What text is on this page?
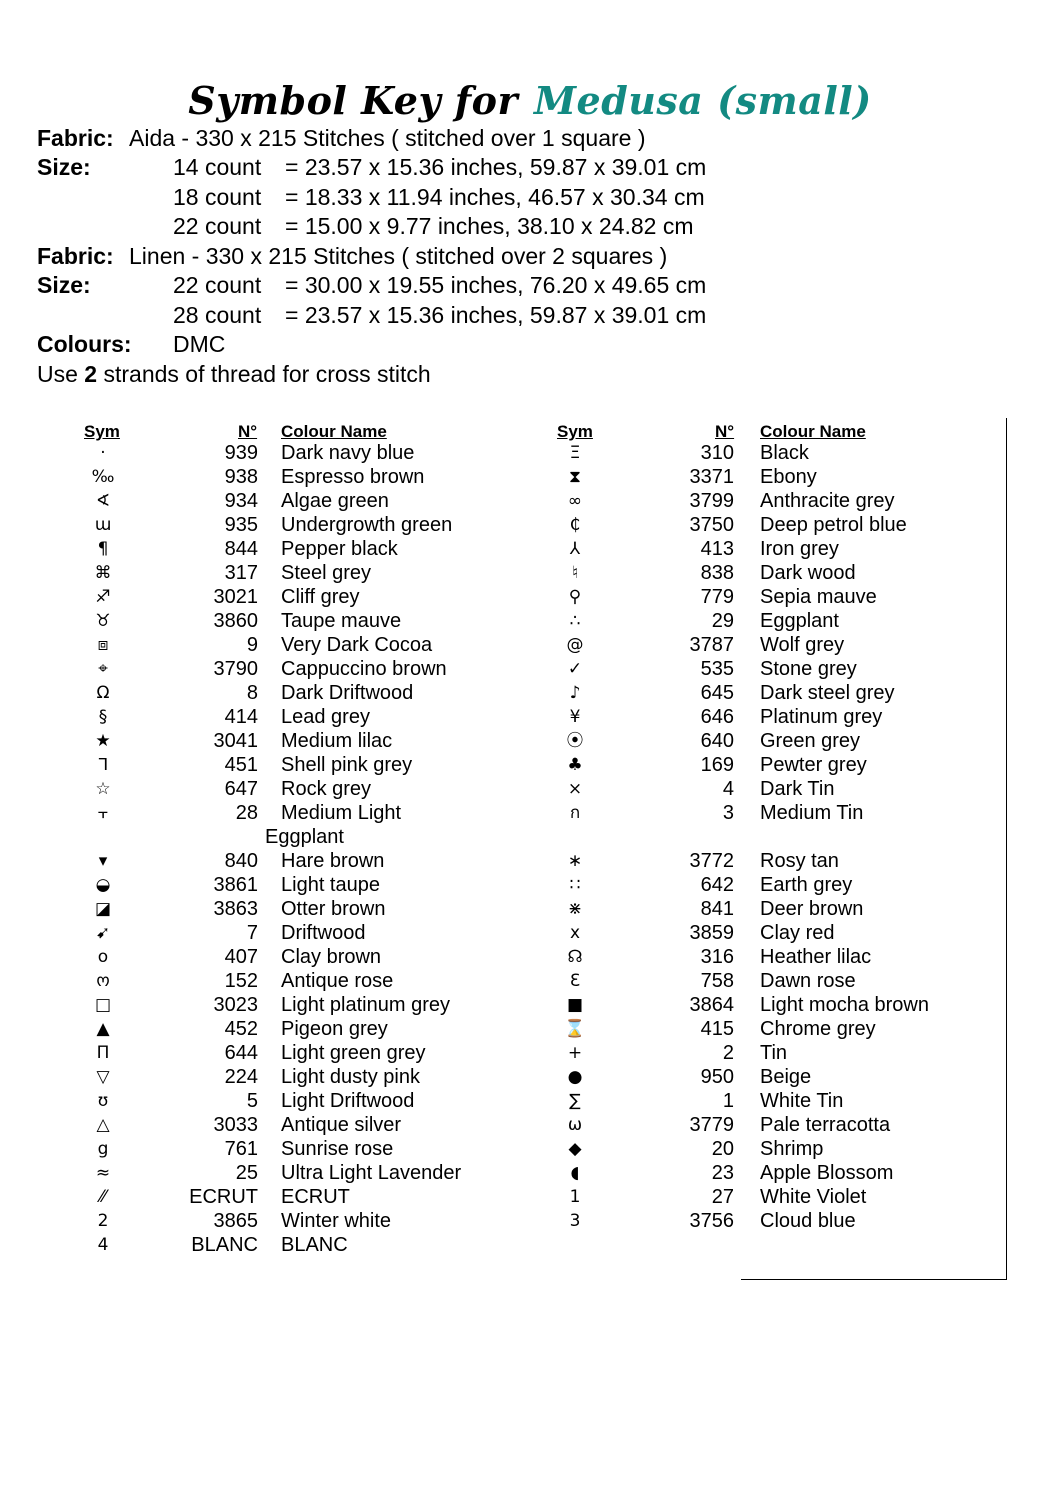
Symbol Key for Medusa (small)
Fabric: Aida - 330 x 215 Stitches ( stitched over 1 square )
Size:	14 count = 23.57 x 15.36 inches, 59.87 x 39.01 cm
18 count = 18.33 x 11.94 inches, 46.57 x 30.34 cm
22 count = 15.00 x 9.77 inches, 38.10 x 24.82 cm
Fabric: Linen - 330 x 215 Stitches ( stitched over 2 squares )
Size:	22 count = 30.00 x 19.55 inches, 76.20 x 49.65 cm
28 count = 23.57 x 15.36 inches, 59.87 x 39.01 cm
Colours: DMC
Use 2 strands of thread for cross stitch
Sym	N° Colour Name	Sym	N° Colour Name
·	939 Dark navy blue
‰	938 Espresso brown
∢	934 Algae green
ɯ	935 Undergrowth green
¶	844 Pepper black
⌘	317 Steel grey
♐	3021 Cliff grey
♉	3860 Taupe mauve
⧈	9 Very Dark Cocoa
⌖	3790 Cappuccino brown
Ω	8 Dark Driftwood
§	414 Lead grey
★	3041 Medium lilac
ᒣ	451 Shell pink grey
☆	647 Rock grey
⫟	28	Medium Light Eggplant
▾	840 Hare brown
◒	3861 Light taupe
◪	3863 Otter brown
➹	7 Driftwood
o	407 Clay brown
ო	152 Antique rose
□	3023 Light platinum grey
▲	452 Pigeon grey
Π	644 Light green grey
▽	224 Light dusty pink
ʊ	5 Light Driftwood
△	3033 Antique silver
g	761 Sunrise rose
≈	25 Ultra Light Lavender
⁄⁄	ECRUT ECRUT
2	3865 Winter white
4	BLANC BLANC
Ξ	310 Black
⧗	3371 Ebony
∞	3799 Anthracite grey
₵	3750 Deep petrol blue
⅄	413 Iron grey
♮	838 Dark wood
⚲	779 Sepia mauve
∴	29 Eggplant
@	3787 Wolf grey
✓	535 Stone grey
♪	645 Dark steel grey
¥	646 Platinum grey
⦿	640 Green grey
♣	169 Pewter grey
×	4 Dark Tin
ก	3 Medium Tin
∗	3772 Rosy tan
∷	642 Earth grey
⋇	841 Deer brown
x	3859 Clay red
☊	316 Heather lilac
Ɛ	758 Dawn rose
■	3864 Light mocha brown
⌛	415 Chrome grey
+	2 Tin
●	950 Beige
∑	1 White Tin
ω	3779 Pale terracotta
◆	20 Shrimp
◖	23 Apple Blossom
1	27 White Violet
3	3756 Cloud blue
